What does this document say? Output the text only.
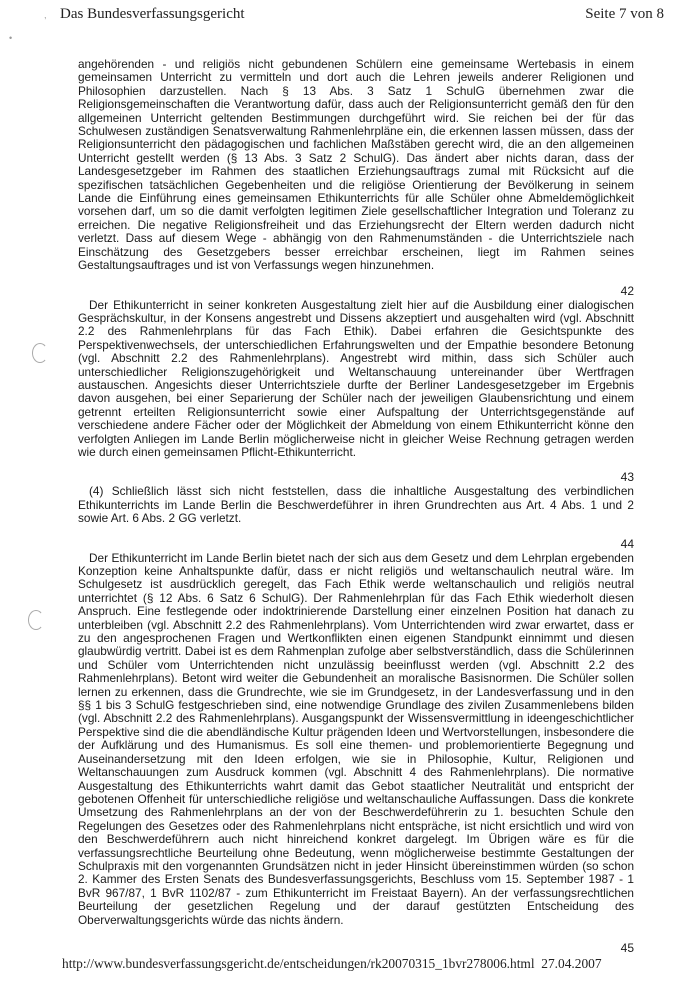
Das Bundesverfassungsgericht	Seite 7 von 8
,
•

angehörenden - und religiös nicht gebundenen Schülern eine gemeinsame Wertebasis in einem gemeinsamen Unterricht zu vermitteln und dort auch die Lehren jeweils anderer Religionen und Philosophien darzustellen. Nach § 13 Abs. 3 Satz 1 SchulG übernehmen zwar die Religionsgemeinschaften die Verantwortung dafür, dass auch der Religionsunterricht gemäß den für den allgemeinen Unterricht geltenden Bestimmungen durchgeführt wird. Sie reichen bei der für das Schulwesen zuständigen Senatsverwaltung Rahmenlehrpläne ein, die erkennen lassen müssen, dass der Religionsunterricht den pädagogischen und fachlichen Maßstäben gerecht wird, die an den allgemeinen Unterricht gestellt werden (§ 13 Abs. 3 Satz 2 SchulG). Das ändert aber nichts daran, dass der Landesgesetzgeber im Rahmen des staatlichen Erziehungsauftrags zumal mit Rücksicht auf die spezifischen tatsächlichen Gegebenheiten und die religiöse Orientierung der Bevölkerung in seinem Lande die Einführung eines gemeinsamen Ethikunterrichts für alle Schüler ohne Abmeldemöglichkeit vorsehen darf, um so die damit verfolgten legitimen Ziele gesellschaftlicher Integration und Toleranz zu erreichen. Die negative Religionsfreiheit und das Erziehungsrecht der Eltern werden dadurch nicht verletzt. Dass auf diesem Wege - abhängig von den Rahmenumständen - die Unterrichtsziele nach Einschätzung des Gesetzgebers besser erreichbar erscheinen, liegt im Rahmen seines Gestaltungsauftrages und ist von Verfassungs wegen hinzunehmen.

42

Der Ethikunterricht in seiner konkreten Ausgestaltung zielt hier auf die Ausbildung einer dialogischen Gesprächskultur, in der Konsens angestrebt und Dissens akzeptiert und ausgehalten wird (vgl. Abschnitt 2.2 des Rahmenlehrplans für das Fach Ethik). Dabei erfahren die Gesichtspunkte des Perspektivenwechsels, der unterschiedlichen Erfahrungswelten und der Empathie besondere Betonung (vgl. Abschnitt 2.2 des Rahmenlehrplans). Angestrebt wird mithin, dass sich Schüler auch unterschiedlicher Religionszugehörigkeit und Weltanschauung untereinander über Wertfragen austauschen. Angesichts dieser Unterrichtsziele durfte der Berliner Landesgesetzgeber im Ergebnis davon ausgehen, bei einer Separierung der Schüler nach der jeweiligen Glaubensrichtung und einem getrennt erteilten Religionsunterricht sowie einer Aufspaltung der Unterrichtsgegenstände auf verschiedene andere Fächer oder der Möglichkeit der Abmeldung von einem Ethikunterricht könne den verfolgten Anliegen im Lande Berlin möglicherweise nicht in gleicher Weise Rechnung getragen werden wie durch einen gemeinsamen Pflicht-Ethikunterricht.

43

(4) Schließlich lässt sich nicht feststellen, dass die inhaltliche Ausgestaltung des verbindlichen Ethikunterrichts im Lande Berlin die Beschwerdeführer in ihren Grundrechten aus Art. 4 Abs. 1 und 2 sowie Art. 6 Abs. 2 GG verletzt.

44

Der Ethikunterricht im Lande Berlin bietet nach der sich aus dem Gesetz und dem Lehrplan ergebenden Konzeption keine Anhaltspunkte dafür, dass er nicht religiös und weltanschaulich neutral wäre. Im Schulgesetz ist ausdrücklich geregelt, das Fach Ethik werde weltanschaulich und religiös neutral unterrichtet (§ 12 Abs. 6 Satz 6 SchulG). Der Rahmenlehrplan für das Fach Ethik wiederholt diesen Anspruch. Eine festlegende oder indoktrinierende Darstellung einer einzelnen Position hat danach zu unterbleiben (vgl. Abschnitt 2.2 des Rahmenlehrplans). Vom Unterrichtenden wird zwar erwartet, dass er zu den angesprochenen Fragen und Wertkonflikten einen eigenen Standpunkt einnimmt und diesen glaubwürdig vertritt. Dabei ist es dem Rahmenplan zufolge aber selbstverständlich, dass die Schülerinnen und Schüler vom Unterrichtenden nicht unzulässig beeinflusst werden (vgl. Abschnitt 2.2 des Rahmenlehrplans). Betont wird weiter die Gebundenheit an moralische Basisnormen. Die Schüler sollen lernen zu erkennen, dass die Grundrechte, wie sie im Grundgesetz, in der Landesverfassung und in den §§ 1 bis 3 SchulG festgeschrieben sind, eine notwendige Grundlage des zivilen Zusammenlebens bilden (vgl. Abschnitt 2.2 des Rahmenlehrplans). Ausgangspunkt der Wissensvermittlung in ideengeschichtlicher Perspektive sind die die abendländische Kultur prägenden Ideen und Wertvorstellungen, insbesondere die der Aufklärung und des Humanismus. Es soll eine themen- und problemorientierte Begegnung und Auseinandersetzung mit den Ideen erfolgen, wie sie in Philosophie, Kultur, Religionen und Weltanschauungen zum Ausdruck kommen (vgl. Abschnitt 4 des Rahmenlehrplans). Die normative Ausgestaltung des Ethikunterrichts wahrt damit das Gebot staatlicher Neutralität und entspricht der gebotenen Offenheit für unterschiedliche religiöse und weltanschauliche Auffassungen. Dass die konkrete Umsetzung des Rahmenlehrplans an der von der Beschwerdeführerin zu 1. besuchten Schule den Regelungen des Gesetzes oder des Rahmenlehrplans nicht entspräche, ist nicht ersichtlich und wird von den Beschwerdeführern auch nicht hinreichend konkret dargelegt. Im Übrigen wäre es für die verfassungsrechtliche Beurteilung ohne Bedeutung, wenn möglicherweise bestimmte Gestaltungen der Schulpraxis mit den vorgenannten Grundsätzen nicht in jeder Hinsicht übereinstimmen würden (so schon 2. Kammer des Ersten Senats des Bundesverfassungsgerichts, Beschluss vom 15. September 1987 - 1 BvR 967/87, 1 BvR 1102/87 - zum Ethikunterricht im Freistaat Bayern). An der verfassungsrechtlichen Beurteilung der gesetzlichen Regelung und der darauf gestützten Entscheidung des Oberverwaltungsgerichts würde das nichts ändern.

45
http://www.bundesverfassungsgericht.de/entscheidungen/rk20070315_1bvr278006.html 27.04.2007
